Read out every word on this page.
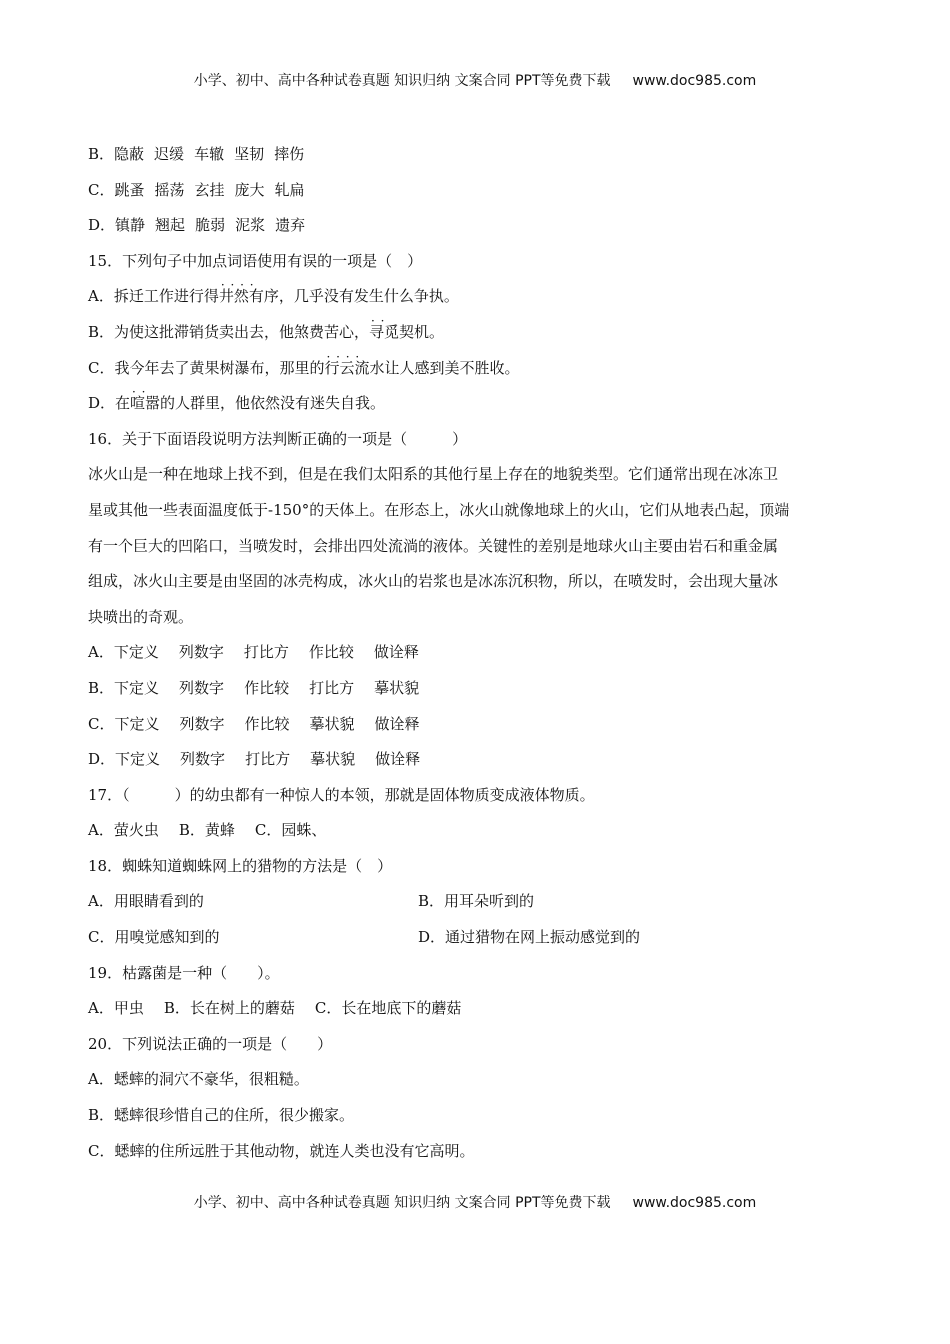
小学、初中、高中各种试卷真题 知识归纳 文案合同 PPT等免费下载 www.doc985.com
B． 隐蔽 迟缓 车辙 坚韧 摔伤
C． 跳蚤 摇荡 玄挂 庞大 轧扁
D． 镇静 翘起 脆弱 泥浆 遗弃
15．下列句子中加点词语使用有误的一项是（　）
A．拆迁工作进行得 · · · · 井然有序 ，几乎没有发生什么争执。
B．为使这批滞销货卖出去，他煞费苦心， · · 寻觅 契机。
C．我今年去了黄果树瀑布，那里的 · · · · 行云流水 让人感到美不胜收。
D．在 · · 喧嚣 的人群里，他依然没有迷失自我。
16．关于下面语段说明方法判断正确的一项是（　　　）
冰火山是一种在地球上找不到，但是在我们太阳系的其他行星上存在的地貌类型。它们通常出现在冰冻卫
星或其他一些表面温度低于-150°的天体上。在形态上，冰火山就像地球上的火山，它们从地表凸起，顶端
有一个巨大的凹陷口，当喷发时，会排出四处流淌的液体。关键性的差别是地球火山主要由岩石和重金属
组成，冰火山主要是由坚固的冰壳构成，冰火山的岩浆也是冰冻沉积物，所以，在喷发时，会出现大量冰
块喷出的奇观。
A． 下定义 列数字 打比方 作比较 做诠释
B． 下定义 列数字 作比较 打比方 摹状貌
C． 下定义 列数字 作比较 摹状貌 做诠释
D． 下定义 列数字 打比方 摹状貌 做诠释
17．（　　　）的幼虫都有一种惊人的本领，那就是固体物质变成液体物质。
A．萤火虫 B．黄蜂 C．园蛛、
18．蜘蛛知道蜘蛛网上的猎物的方法是（　）
A．用眼睛看到的	B．用耳朵听到的
C．用嗅觉感知到的	D．通过猎物在网上振动感觉到的
19．枯露菌是一种（　　）。
A．甲虫 B．长在树上的蘑菇 C．长在地底下的蘑菇
20．下列说法正确的一项是（　　）
A．蟋蟀的洞穴不豪华，很粗糙。
B．蟋蟀很珍惜自己的住所，很少搬家。
C．蟋蟀的住所远胜于其他动物，就连人类也没有它高明。
小学、初中、高中各种试卷真题 知识归纳 文案合同 PPT等免费下载 www.doc985.com
